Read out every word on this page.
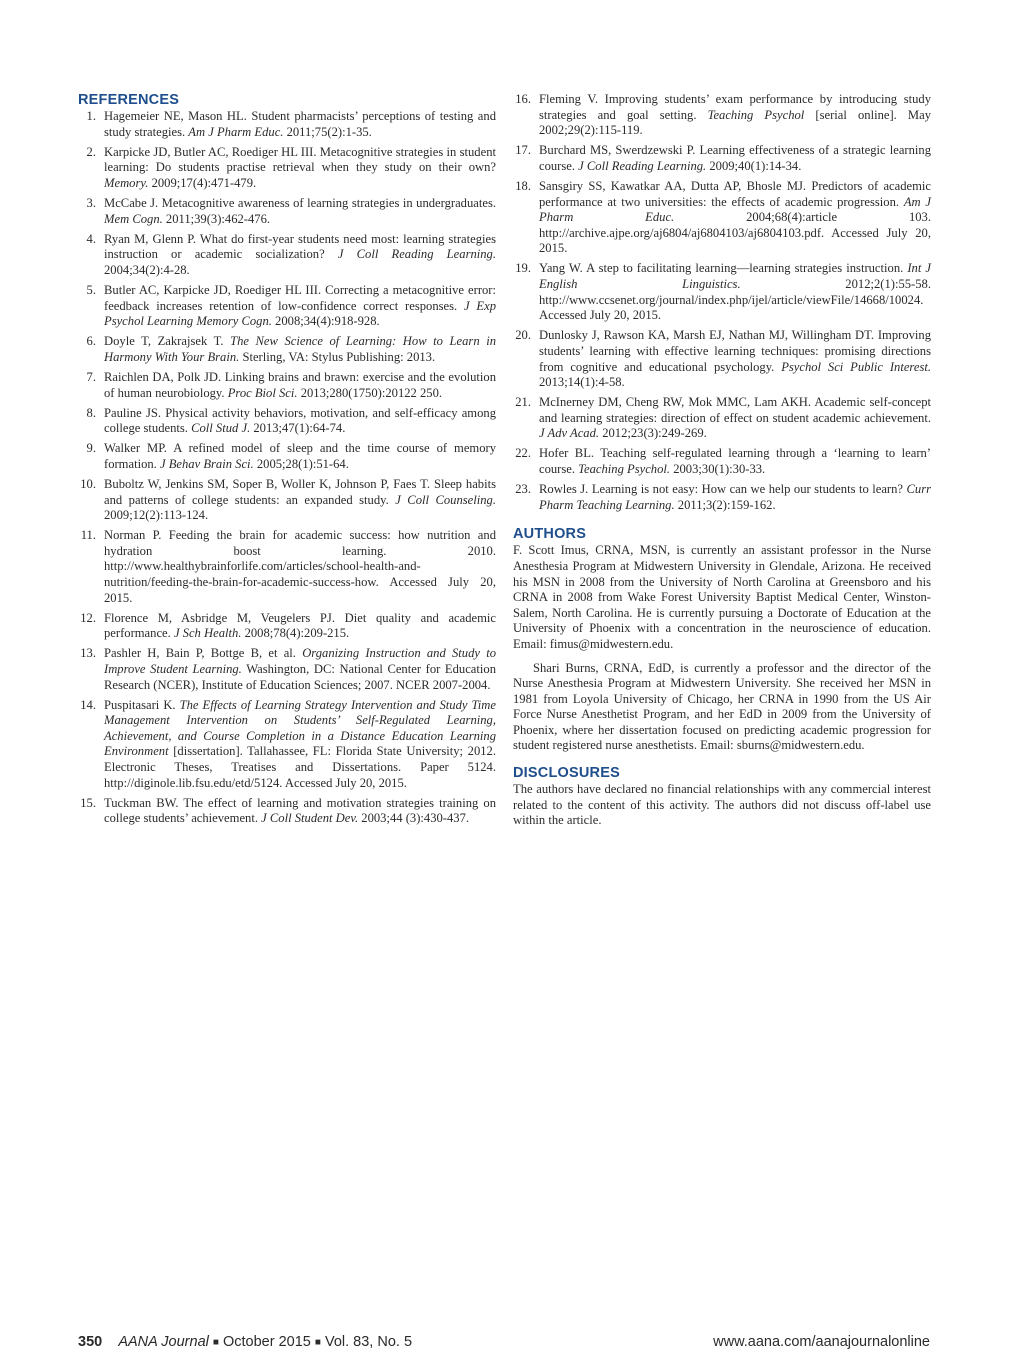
REFERENCES
1. Hagemeier NE, Mason HL. Student pharmacists’ perceptions of testing and study strategies. Am J Pharm Educ. 2011;75(2):1-35.
2. Karpicke JD, Butler AC, Roediger HL III. Metacognitive strategies in student learning: Do students practise retrieval when they study on their own? Memory. 2009;17(4):471-479.
3. McCabe J. Metacognitive awareness of learning strategies in undergraduates. Mem Cogn. 2011;39(3):462-476.
4. Ryan M, Glenn P. What do first-year students need most: learning strategies instruction or academic socialization? J Coll Reading Learning. 2004;34(2):4-28.
5. Butler AC, Karpicke JD, Roediger HL III. Correcting a metacognitive error: feedback increases retention of low-confidence correct responses. J Exp Psychol Learning Memory Cogn. 2008;34(4):918-928.
6. Doyle T, Zakrajsek T. The New Science of Learning: How to Learn in Harmony With Your Brain. Sterling, VA: Stylus Publishing: 2013.
7. Raichlen DA, Polk JD. Linking brains and brawn: exercise and the evolution of human neurobiology. Proc Biol Sci. 2013;280(1750):20122 250.
8. Pauline JS. Physical activity behaviors, motivation, and self-efficacy among college students. Coll Stud J. 2013;47(1):64-74.
9. Walker MP. A refined model of sleep and the time course of memory formation. J Behav Brain Sci. 2005;28(1):51-64.
10. Buboltz W, Jenkins SM, Soper B, Woller K, Johnson P, Faes T. Sleep habits and patterns of college students: an expanded study. J Coll Counseling. 2009;12(2):113-124.
11. Norman P. Feeding the brain for academic success: how nutrition and hydration boost learning. 2010. http://www.healthybrainforlife.com/articles/school-health-and-nutrition/feeding-the-brain-for-academic-success-how. Accessed July 20, 2015.
12. Florence M, Asbridge M, Veugelers PJ. Diet quality and academic performance. J Sch Health. 2008;78(4):209-215.
13. Pashler H, Bain P, Bottge B, et al. Organizing Instruction and Study to Improve Student Learning. Washington, DC: National Center for Education Research (NCER), Institute of Education Sciences; 2007. NCER 2007-2004.
14. Puspitasari K. The Effects of Learning Strategy Intervention and Study Time Management Intervention on Students’ Self-Regulated Learning, Achievement, and Course Completion in a Distance Education Learning Environment [dissertation]. Tallahassee, FL: Florida State University; 2012. Electronic Theses, Treatises and Dissertations. Paper 5124. http://diginole.lib.fsu.edu/etd/5124. Accessed July 20, 2015.
15. Tuckman BW. The effect of learning and motivation strategies training on college students’ achievement. J Coll Student Dev. 2003;44 (3):430-437.
16. Fleming V. Improving students’ exam performance by introducing study strategies and goal setting. Teaching Psychol [serial online]. May 2002;29(2):115-119.
17. Burchard MS, Swerdzewski P. Learning effectiveness of a strategic learning course. J Coll Reading Learning. 2009;40(1):14-34.
18. Sansgiry SS, Kawatkar AA, Dutta AP, Bhosle MJ. Predictors of academic performance at two universities: the effects of academic progression. Am J Pharm Educ. 2004;68(4):article 103. http://archive.ajpe.org/aj6804/aj6804103/aj6804103.pdf. Accessed July 20, 2015.
19. Yang W. A step to facilitating learning—learning strategies instruction. Int J English Linguistics. 2012;2(1):55-58. http://www.ccsenet.org/journal/index.php/ijel/article/viewFile/14668/10024. Accessed July 20, 2015.
20. Dunlosky J, Rawson KA, Marsh EJ, Nathan MJ, Willingham DT. Improving students’ learning with effective learning techniques: promising directions from cognitive and educational psychology. Psychol Sci Public Interest. 2013;14(1):4-58.
21. McInerney DM, Cheng RW, Mok MMC, Lam AKH. Academic self-concept and learning strategies: direction of effect on student academic achievement. J Adv Acad. 2012;23(3):249-269.
22. Hofer BL. Teaching self-regulated learning through a ‘learning to learn’ course. Teaching Psychol. 2003;30(1):30-33.
23. Rowles J. Learning is not easy: How can we help our students to learn? Curr Pharm Teaching Learning. 2011;3(2):159-162.
AUTHORS

F. Scott Imus, CRNA, MSN, is currently an assistant professor in the Nurse Anesthesia Program at Midwestern University in Glendale, Arizona. He received his MSN in 2008 from the University of North Carolina at Greensboro and his CRNA in 2008 from Wake Forest University Baptist Medical Center, Winston-Salem, North Carolina. He is currently pursuing a Doctorate of Education at the University of Phoenix with a concentration in the neuroscience of education. Email: fimus@midwestern.edu.

Shari Burns, CRNA, EdD, is currently a professor and the director of the Nurse Anesthesia Program at Midwestern University. She received her MSN in 1981 from Loyola University of Chicago, her CRNA in 1990 from the US Air Force Nurse Anesthetist Program, and her EdD in 2009 from the University of Phoenix, where her dissertation focused on predicting academic progression for student registered nurse anesthetists. Email: sburns@midwestern.edu.

DISCLOSURES

The authors have declared no financial relationships with any commercial interest related to the content of this activity. The authors did not discuss off-label use within the article.

350 AANA Journal ■ October 2015 ■ Vol. 83, No. 5	www.aana.com/aanajournalonline
